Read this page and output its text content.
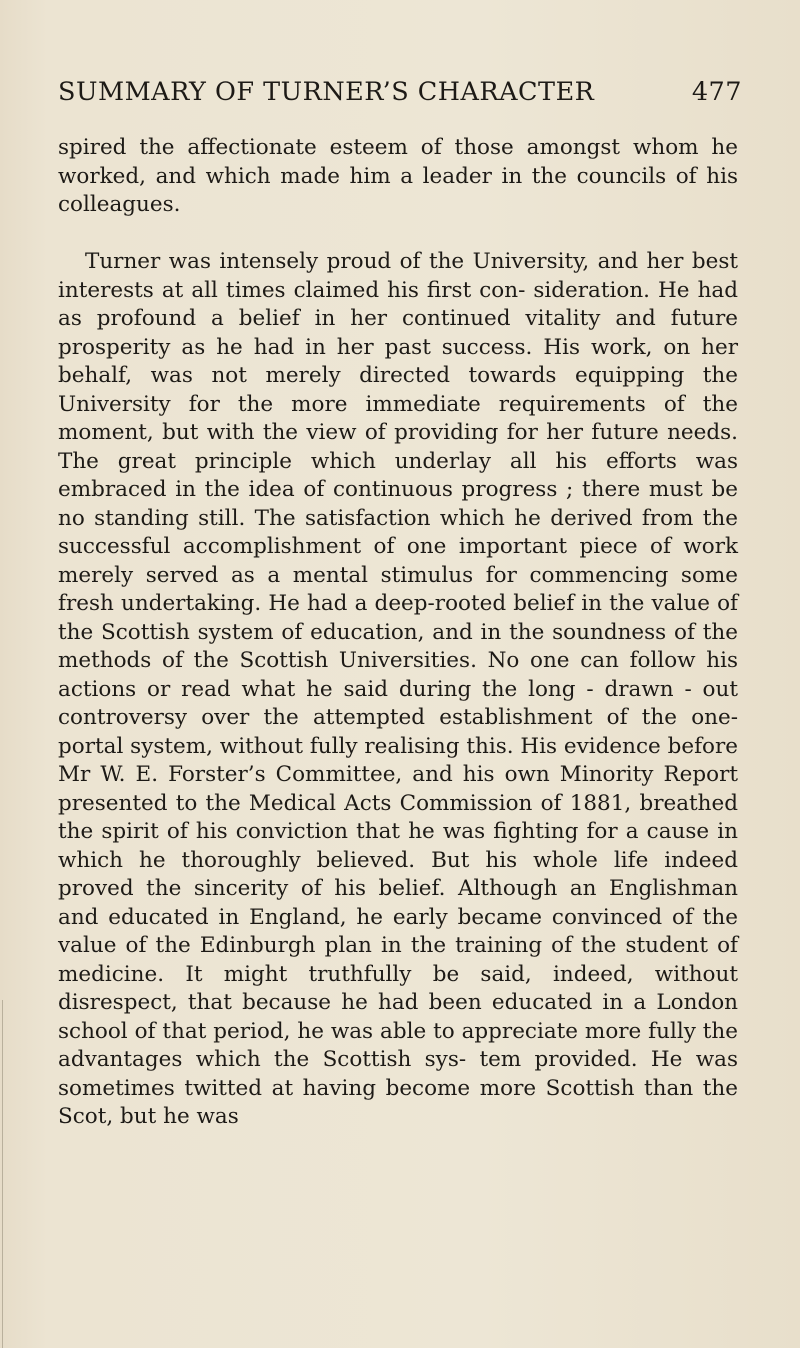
SUMMARY OF TURNER’S CHARACTER	477

spired the affectionate esteem of those amongst whom he worked, and which made him a leader in the councils of his colleagues.

Turner was intensely proud of the University, and her best interests at all times claimed his first con- sideration. He had as profound a belief in her continued vitality and future prosperity as he had in her past success. His work, on her behalf, was not merely directed towards equipping the University for the more immediate requirements of the moment, but with the view of providing for her future needs. The great principle which underlay all his efforts was embraced in the idea of continuous progress ; there must be no standing still. The satisfaction which he derived from the successful accomplishment of one important piece of work merely served as a mental stimulus for commencing some fresh undertaking. He had a deep-rooted belief in the value of the Scottish system of education, and in the soundness of the methods of the Scottish Universities. No one can follow his actions or read what he said during the long - drawn - out controversy over the attempted establishment of the one-portal system, without fully realising this. His evidence before Mr W. E. Forster’s Committee, and his own Minority Report presented to the Medical Acts Commission of 1881, breathed the spirit of his conviction that he was fighting for a cause in which he thoroughly believed. But his whole life indeed proved the sincerity of his belief. Although an Englishman and educated in England, he early became convinced of the value of the Edinburgh plan in the training of the student of medicine. It might truthfully be said, indeed, without disrespect, that because he had been educated in a London school of that period, he was able to appreciate more fully the advantages which the Scottish sys- tem provided. He was sometimes twitted at having become more Scottish than the Scot, but he was
